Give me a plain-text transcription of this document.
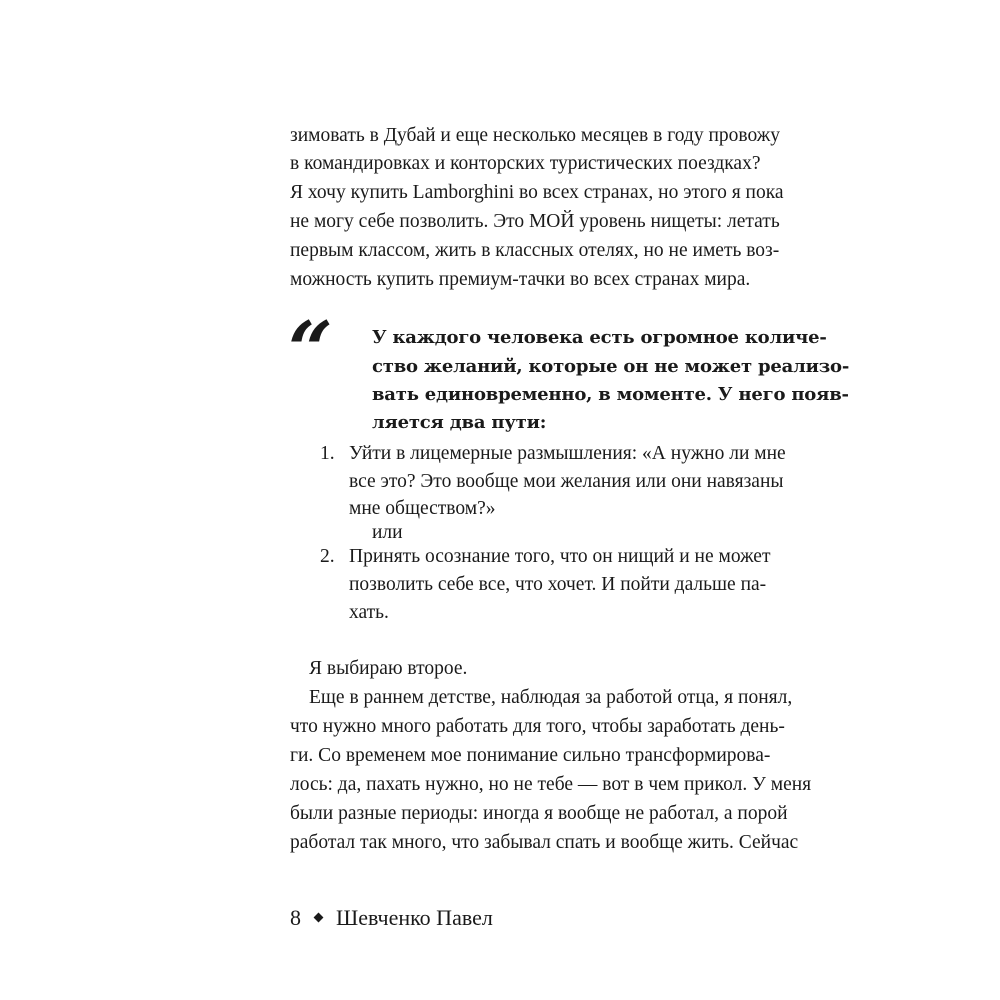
зимовать в Дубай и еще несколько месяцев в году провожу
в командировках и конторских туристических поездках?
Я хочу купить Lamborghini во всех странах, но этого я пока
не могу себе позволить. Это МОЙ уровень нищеты: летать
первым классом, жить в классных отелях, но не иметь воз-
можность купить премиум-тачки во всех странах мира.
“ У каждого человека есть огромное количе-
ство желаний, которые он не может реализо-
вать единовременно, в моменте. У него появ-
ляется два пути:
1. Уйти в лицемерные размышления: «А нужно ли мне
все это? Это вообще мои желания или они навязаны
мне обществом?»
или
2. Принять осознание того, что он нищий и не может
позволить себе все, что хочет. И пойти дальше па-
хать.
Я выбираю второе.
Еще в раннем детстве, наблюдая за работой отца, я понял,
что нужно много работать для того, чтобы заработать день-
ги. Со временем мое понимание сильно трансформирова-
лось: да, пахать нужно, но не тебе — вот в чем прикол. У меня
были разные периоды: иногда я вообще не работал, а порой
работал так много, что забывал спать и вообще жить. Сейчас
8 Шевченко Павел
